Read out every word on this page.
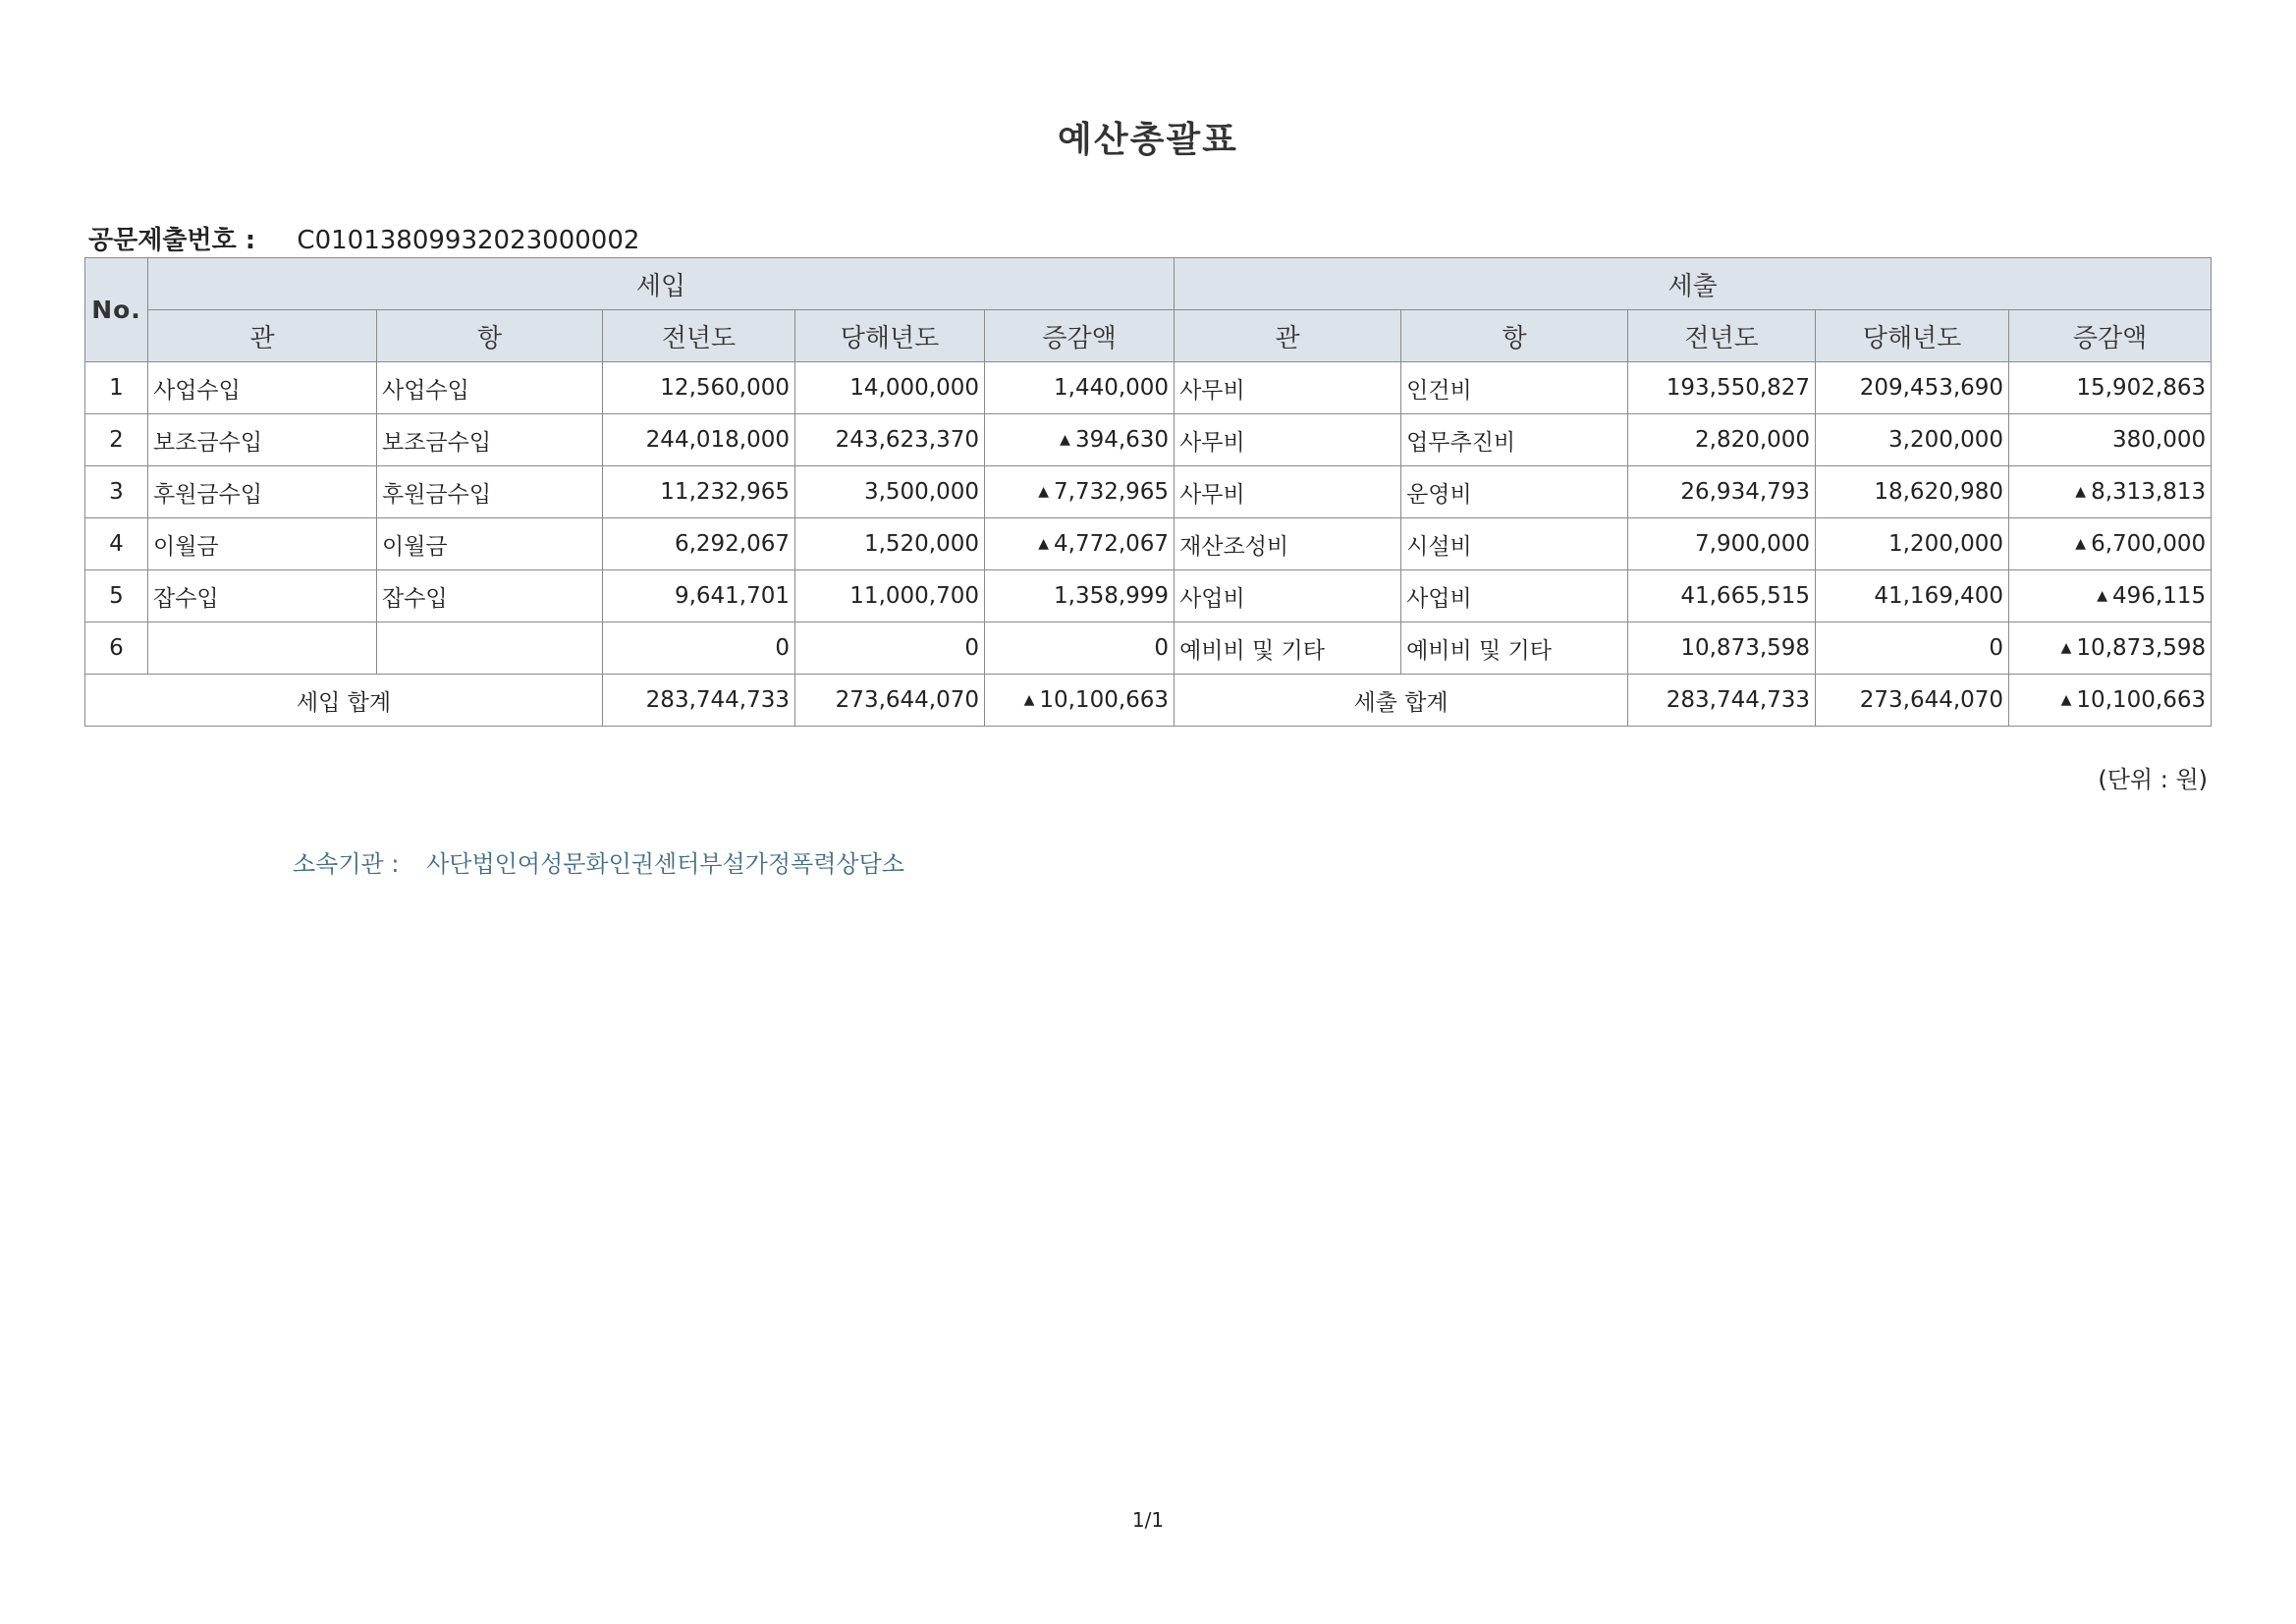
예산총괄표
공문제출번호 : C01013809932023000002
No.	세입					세출				
	관	항	전년도	당해년도	증감액	관	항	전년도	당해년도	증감액
1	사업수입	사업수입	12,560,000	14,000,000	1,440,000	사무비	인건비	193,550,827	209,453,690	15,902,863
2	보조금수입	보조금수입	244,018,000	243,623,370	▲ 394,630	사무비	업무추진비	2,820,000	3,200,000	380,000
3	후원금수입	후원금수입	11,232,965	3,500,000	▲ 7,732,965	사무비	운영비	26,934,793	18,620,980	▲ 8,313,813
4	이월금	이월금	6,292,067	1,520,000	▲ 4,772,067	재산조성비	시설비	7,900,000	1,200,000	▲ 6,700,000
5	잡수입	잡수입	9,641,701	11,000,700	1,358,999	사업비	사업비	41,665,515	41,169,400	▲ 496,115
6			0	0	0	예비비 및 기타	예비비 및 기타	10,873,598	0	▲ 10,873,598
세입 합계			283,744,733	273,644,070	▲ 10,100,663	세출 합계		283,744,733	273,644,070	▲ 10,100,663
(단위 : 원)
소속기관 : 사단법인여성문화인권센터부설가정폭력상담소
1/1
